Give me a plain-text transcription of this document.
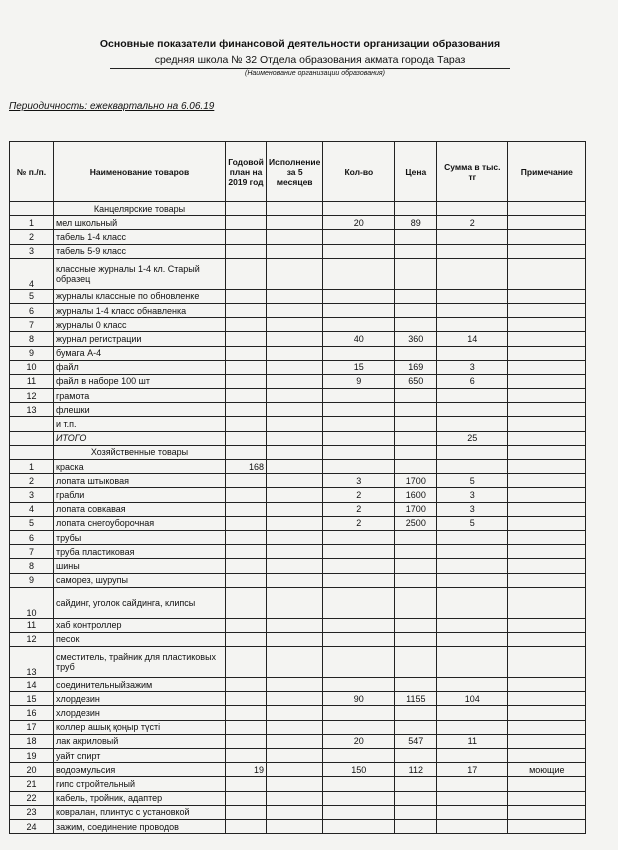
Основные показатели финансовой деятельности организации образования
средняя школа № 32 Отдела образования акмата города Тараз
(Наименование организации образования)
Периодичность: ежеквартально на 6.06.19
№ п./п.	Наименование товаров	Годовой план на 2019 год	Исполнение за 5 месяцев	Кол-во	Цена	Сумма в тыс. тг	Примечание
	Канцелярские товары						
1	мел школьный			20	89	2	
2	табель 1-4 класс						
3	табель 5-9 класс						
4	классные журналы 1-4 кл. Старый образец						
5	журналы классные по обновленке						
6	журналы 1-4 класс обнавленка						
7	журналы 0 класс						
8	журнал регистрации			40	360	14	
9	бумага А-4						
10	файл			15	169	3	
11	файл в наборе 100 шт			9	650	6	
12	грамота						
13	флешки						
	и т.п.						
	ИТОГО					25	
	Хозяйственные товары						
1	краска	168					
2	лопата штыковая			3	1700	5	
3	грабли			2	1600	3	
4	лопата совкавая			2	1700	3	
5	лопата снегоуборочная			2	2500	5	
6	трубы						
7	труба пластиковая						
8	шины						
9	саморез, шурупы						
10	сайдинг, уголок сайдинга, клипсы						
11	хаб контроллер						
12	песок						
13	сместитель, трайник для пластиковых труб						
14	соединительныйзажим						
15	хлордезин			90	1155	104	
16	хлордезин						
17	коллер ашық қоңыр түсті						
18	лак акриловый			20	547	11	
19	уайт спирт						
20	водоэмульсия	19		150	112	17	моющие
21	гипс стройтельный						
22	кабель, тройник, адаптер						
23	ковралан, плинтус с установкой						
24	зажим, соединение проводов						
